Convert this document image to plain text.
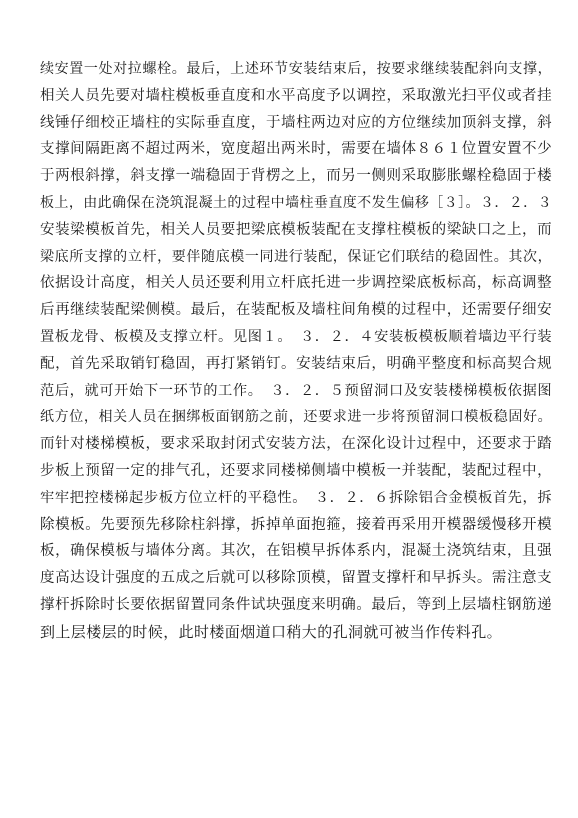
续安置一处对拉螺栓。最后，上述环节安装结束后，按要求继续装配斜向支撑，
相关人员先要对墙柱模板垂直度和水平高度予以调控，采取激光扫平仪或者挂
线锤仔细校正墙柱的实际垂直度，于墙柱两边对应的方位继续加顶斜支撑，斜
支撑间隔距离不超过两米，宽度超出两米时，需要在墙体８６１位置安置不少
于两根斜撑，斜支撑一端稳固于背楞之上，而另一侧则采取膨胀螺栓稳固于楼
板上，由此确保在浇筑混凝土的过程中墙柱垂直度不发生偏移［３］。３．２．３
安装梁模板首先，相关人员要把梁底模板装配在支撑柱模板的梁缺口之上，而
梁底所支撑的立杆，要伴随底模一同进行装配，保证它们联结的稳固性。其次，
依据设计高度，相关人员还要利用立杆底托进一步调控梁底板标高，标高调整
后再继续装配梁侧模。最后，在装配板及墙柱间角模的过程中，还需要仔细安
置板龙骨、板模及支撑立杆。见图１。　３．２．４安装板模板顺着墙边平行装
配，首先采取销钉稳固，再打紧销钉。安装结束后，明确平整度和标高契合规
范后，就可开始下一环节的工作。　３．２．５预留洞口及安装楼梯模板依据图
纸方位，相关人员在捆绑板面钢筋之前，还要求进一步将预留洞口模板稳固好。
而针对楼梯模板，要求采取封闭式安装方法，在深化设计过程中，还要求于踏
步板上预留一定的排气孔，还要求同楼梯侧墙中模板一并装配，装配过程中，
牢牢把控楼梯起步板方位立杆的平稳性。　３．２．６拆除铝合金模板首先，拆
除模板。先要预先移除柱斜撑，拆掉单面抱箍，接着再采用开模器缓慢移开模
板，确保模板与墙体分离。其次，在铝模早拆体系内，混凝土浇筑结束，且强
度高达设计强度的五成之后就可以移除顶模，留置支撑杆和早拆头。需注意支
撑杆拆除时长要依据留置同条件试块强度来明确。最后，等到上层墙柱钢筋递
到上层楼层的时候，此时楼面烟道口稍大的孔洞就可被当作传料孔。
